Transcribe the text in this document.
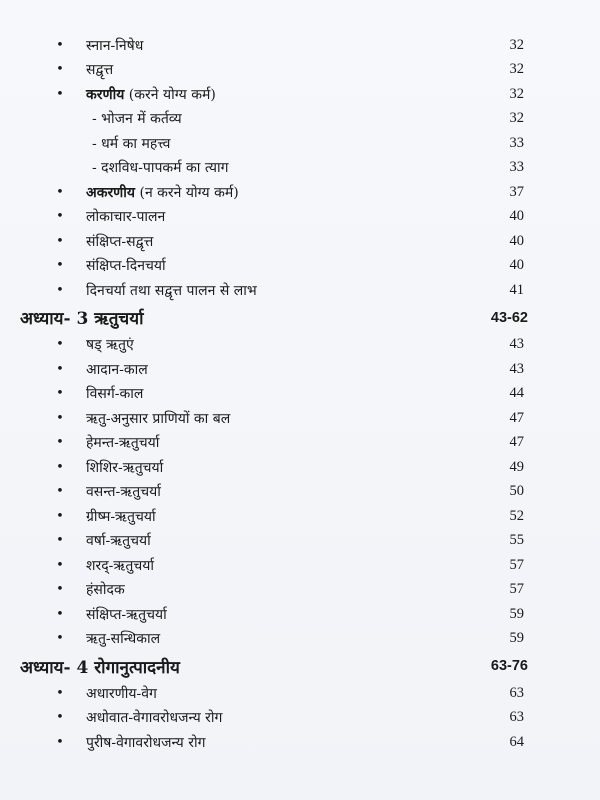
• स्नान-निषेध	32
• सद्वृत्त	32
• करणीय (करने योग्य कर्म)	32
- भोजन में कर्तव्य	32
- धर्म का महत्त्व	33
- दशविध-पापकर्म का त्याग	33
• अकरणीय (न करने योग्य कर्म)	37
• लोकाचार-पालन	40
• संक्षिप्त-सद्वृत्त	40
• संक्षिप्त-दिनचर्या	40
• दिनचर्या तथा सद्वृत्त पालन से लाभ	41
अध्याय- 3 ऋतुचर्या	43-62
• षड् ऋतुएं	43
• आदान-काल	43
• विसर्ग-काल	44
• ऋतु-अनुसार प्राणियों का बल	47
• हेमन्त-ऋतुचर्या	47
• शिशिर-ऋतुचर्या	49
• वसन्त-ऋतुचर्या	50
• ग्रीष्म-ऋतुचर्या	52
• वर्षा-ऋतुचर्या	55
• शरद्-ऋतुचर्या	57
• हंसोदक	57
• संक्षिप्त-ऋतुचर्या	59
• ऋतु-सन्धिकाल	59
अध्याय- 4 रोगानुत्पादनीय	63-76
• अधारणीय-वेग	63
• अधोवात-वेगावरोधजन्य रोग	63
• पुरीष-वेगावरोधजन्य रोग	64
